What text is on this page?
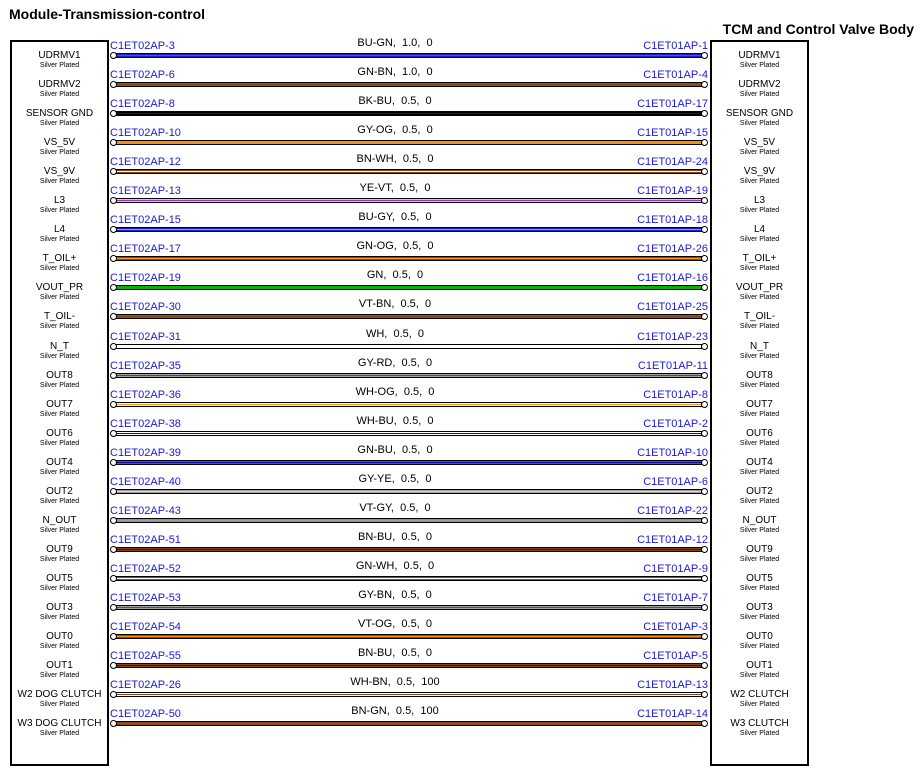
Module-Transmission-control
TCM and Control Valve Body
UDRMV1
Silver Plated
UDRMV2
Silver Plated
SENSOR GND
Silver Plated
VS_5V
Silver Plated
VS_9V
Silver Plated
L3
Silver Plated
L4
Silver Plated
T_OIL+
Silver Plated
VOUT_PR
Silver Plated
T_OIL-
Silver Plated
N_T
Silver Plated
OUT8
Silver Plated
OUT7
Silver Plated
OUT6
Silver Plated
OUT4
Silver Plated
OUT2
Silver Plated
N_OUT
Silver Plated
OUT9
Silver Plated
OUT5
Silver Plated
OUT3
Silver Plated
OUT0
Silver Plated
OUT1
Silver Plated
W2 DOG CLUTCH
Silver Plated
W3 DOG CLUTCH
Silver Plated
UDRMV1
Silver Plated
UDRMV2
Silver Plated
SENSOR GND
Silver Plated
VS_5V
Silver Plated
VS_9V
Silver Plated
L3
Silver Plated
L4
Silver Plated
T_OIL+
Silver Plated
VOUT_PR
Silver Plated
T_OIL-
Silver Plated
N_T
Silver Plated
OUT8
Silver Plated
OUT7
Silver Plated
OUT6
Silver Plated
OUT4
Silver Plated
OUT2
Silver Plated
N_OUT
Silver Plated
OUT9
Silver Plated
OUT5
Silver Plated
OUT3
Silver Plated
OUT0
Silver Plated
OUT1
Silver Plated
W2 CLUTCH
Silver Plated
W3 CLUTCH
Silver Plated
C1ET02AP-3	BU-GN,  1.0,  0	C1ET01AP-1
C1ET02AP-6	GN-BN,  1.0,  0	C1ET01AP-4
C1ET02AP-8	BK-BU,  0.5,  0	C1ET01AP-17
C1ET02AP-10	GY-OG,  0.5,  0	C1ET01AP-15
C1ET02AP-12	BN-WH,  0.5,  0	C1ET01AP-24
C1ET02AP-13	YE-VT,  0.5,  0	C1ET01AP-19
C1ET02AP-15	BU-GY,  0.5,  0	C1ET01AP-18
C1ET02AP-17	GN-OG,  0.5,  0	C1ET01AP-26
C1ET02AP-19	GN,  0.5,  0	C1ET01AP-16
C1ET02AP-30	VT-BN,  0.5,  0	C1ET01AP-25
C1ET02AP-31	WH,  0.5,  0	C1ET01AP-23
C1ET02AP-35	GY-RD,  0.5,  0	C1ET01AP-11
C1ET02AP-36	WH-OG,  0.5,  0	C1ET01AP-8
C1ET02AP-38	WH-BU,  0.5,  0	C1ET01AP-2
C1ET02AP-39	GN-BU,  0.5,  0	C1ET01AP-10
C1ET02AP-40	GY-YE,  0.5,  0	C1ET01AP-6
C1ET02AP-43	VT-GY,  0.5,  0	C1ET01AP-22
C1ET02AP-51	BN-BU,  0.5,  0	C1ET01AP-12
C1ET02AP-52	GN-WH,  0.5,  0	C1ET01AP-9
C1ET02AP-53	GY-BN,  0.5,  0	C1ET01AP-7
C1ET02AP-54	VT-OG,  0.5,  0	C1ET01AP-3
C1ET02AP-55	BN-BU,  0.5,  0	C1ET01AP-5
C1ET02AP-26	WH-BN,  0.5,  100	C1ET01AP-13
C1ET02AP-50	BN-GN,  0.5,  100	C1ET01AP-14
